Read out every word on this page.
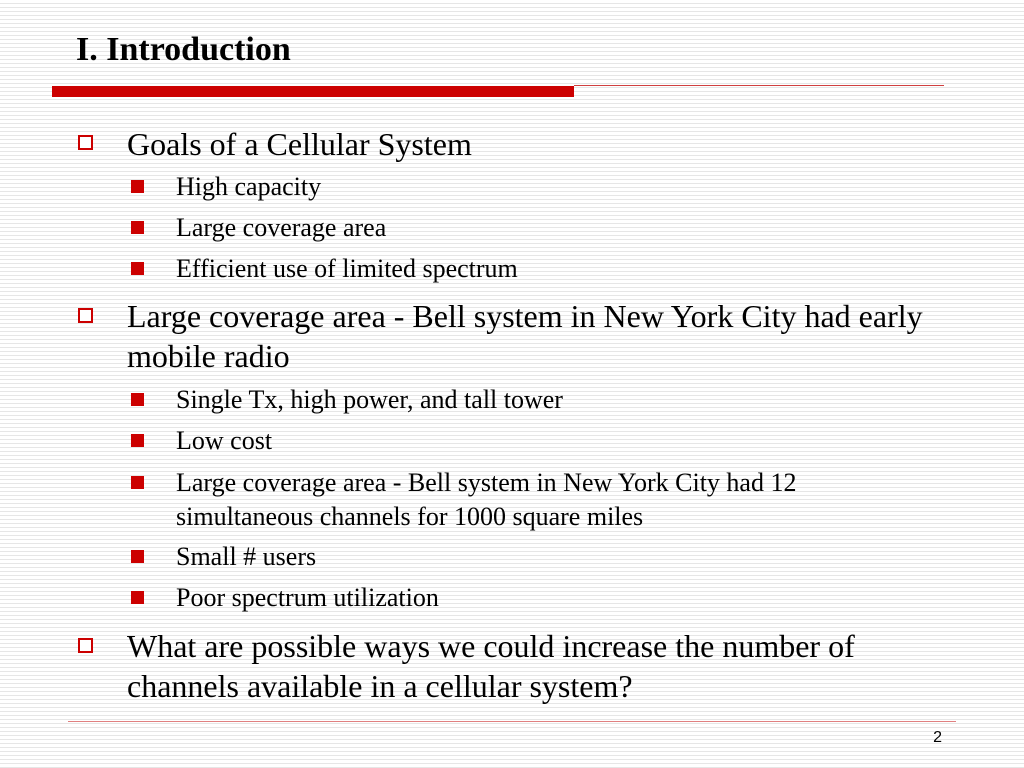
I. Introduction
Goals of a Cellular System
High capacity
Large coverage area
Efficient use of limited spectrum
Large coverage area - Bell system in New York City had early mobile radio
Single Tx, high power, and tall tower
Low cost
Large coverage area - Bell system in New York City had 12 simultaneous channels for 1000 square miles
Small # users
Poor spectrum utilization
What are possible ways we could increase the number of channels available in a cellular system?
2
